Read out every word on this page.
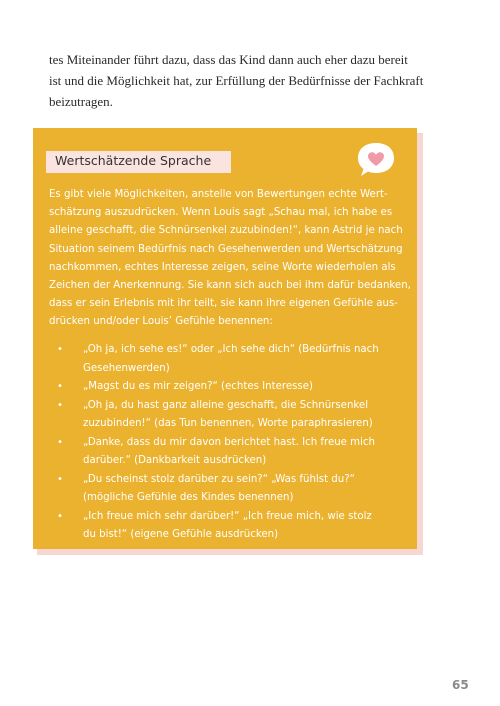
tes Miteinander führt dazu, dass das Kind dann auch eher dazu bereit
ist und die Möglichkeit hat, zur Erfüllung der Bedürfnisse der Fachkraft
beizutragen.
Wertschätzende Sprache
Es gibt viele Möglichkeiten, anstelle von Bewertungen echte Wert-
schätzung auszudrücken. Wenn Louis sagt „Schau mal, ich habe es
alleine geschafft, die Schnürsenkel zuzubinden!“, kann Astrid je nach
Situation seinem Bedürfnis nach Gesehenwerden und Wertschätzung
nachkommen, echtes Interesse zeigen, seine Worte wiederholen als
Zeichen der Anerkennung. Sie kann sich auch bei ihm dafür bedanken,
dass er sein Erlebnis mit ihr teilt, sie kann ihre eigenen Gefühle aus-
drücken und/oder Louis’ Gefühle benennen:
• „Oh ja, ich sehe es!“ oder „Ich sehe dich“ (Bedürfnis nach
Gesehenwerden)
• „Magst du es mir zeigen?“ (echtes Interesse)
• „Oh ja, du hast ganz alleine geschafft, die Schnürsenkel
zuzubinden!“ (das Tun benennen, Worte paraphrasieren)
• „Danke, dass du mir davon berichtet hast. Ich freue mich
darüber.“ (Dankbarkeit ausdrücken)
• „Du scheinst stolz darüber zu sein?“ „Was fühlst du?“
(mögliche Gefühle des Kindes benennen)
• „Ich freue mich sehr darüber!“ „Ich freue mich, wie stolz
du bist!“ (eigene Gefühle ausdrücken)
65
